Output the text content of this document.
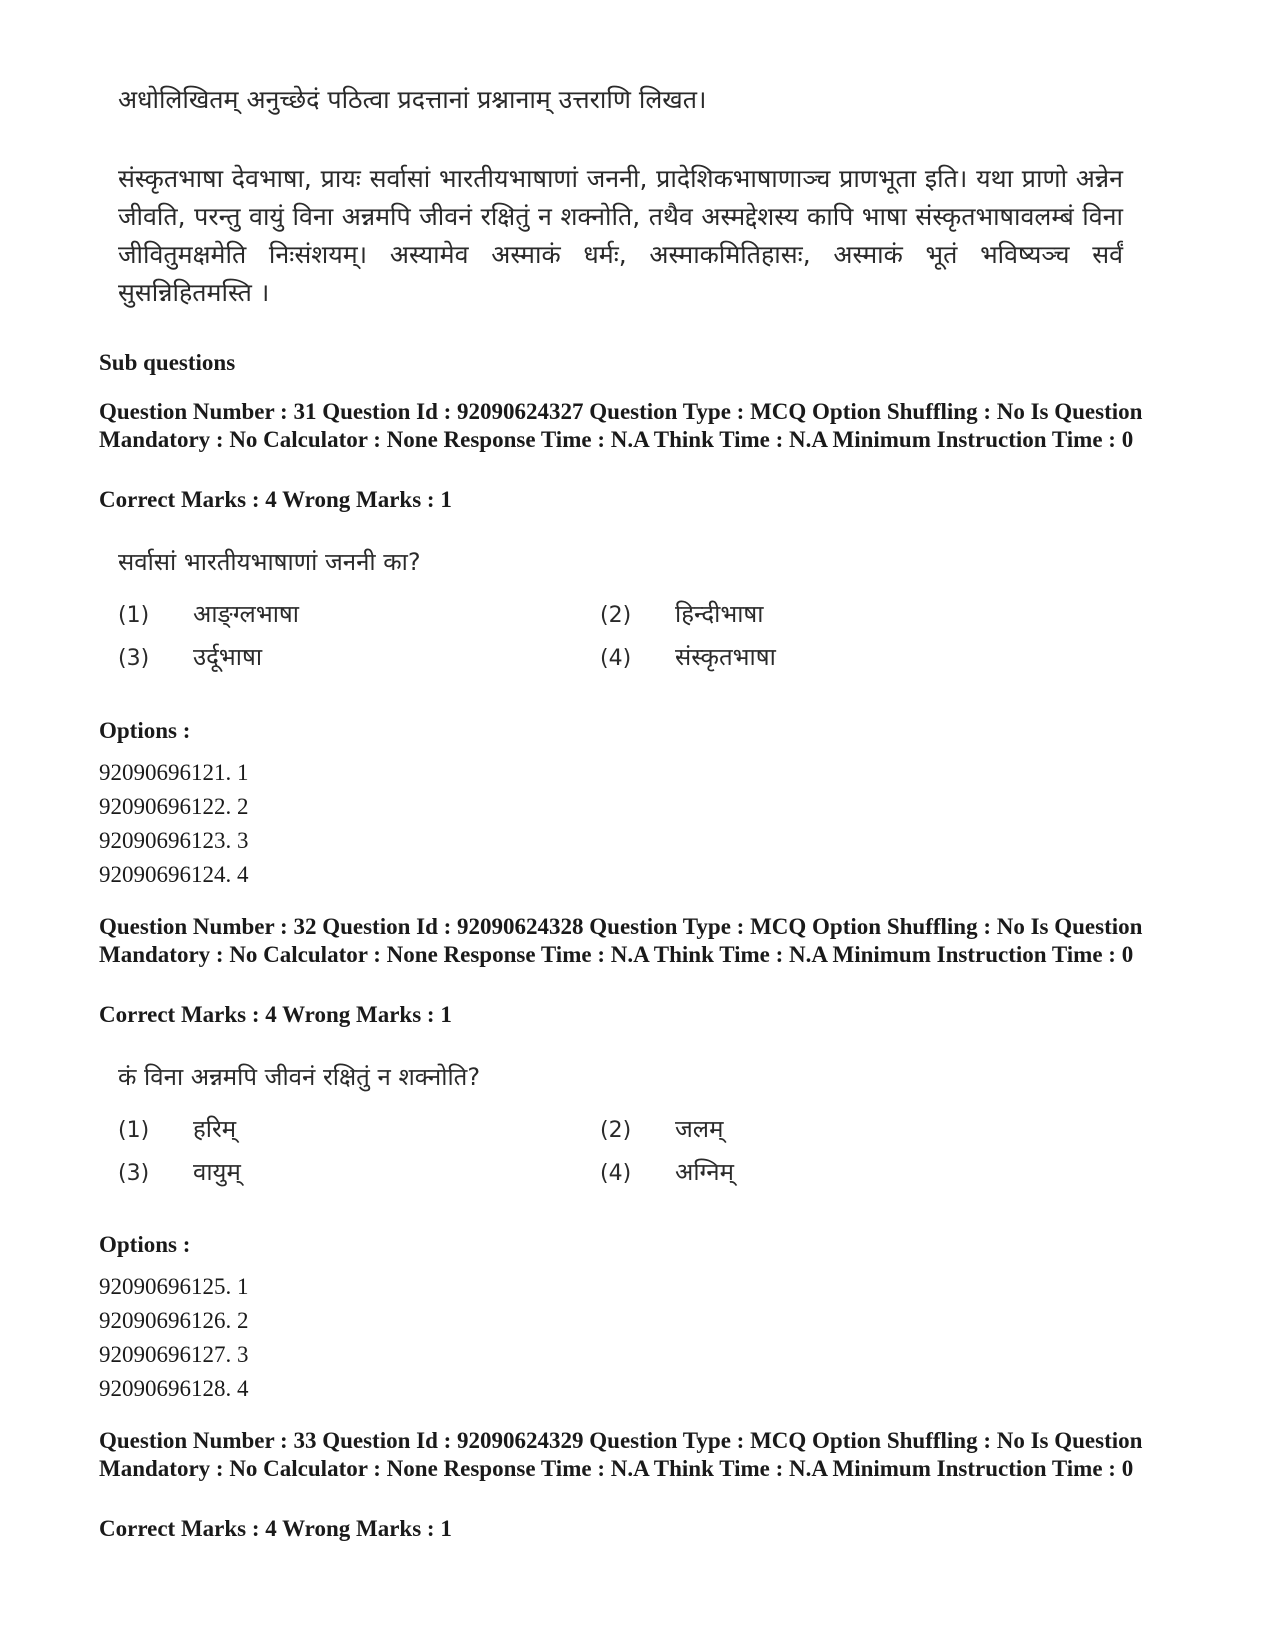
अधोलिखितम् अनुच्छेदं पठित्वा प्रदत्तानां प्रश्नानाम् उत्तराणि लिखत।
संस्कृतभाषा देवभाषा, प्रायः सर्वासां भारतीयभाषाणां जननी, प्रादेशिकभाषाणाञ्च प्राणभूता इति। यथा प्राणो अन्नेन जीवति, परन्तु वायुं विना अन्नमपि जीवनं रक्षितुं न शक्नोति, तथैव अस्मद्देशस्य कापि भाषा संस्कृतभाषावलम्बं विना जीवितुमक्षमेति निःसंशयम्। अस्यामेव अस्माकं धर्मः, अस्माकमितिहासः, अस्माकं भूतं भविष्यञ्च सर्वं सुसन्निहितमस्ति ।
Sub questions
Question Number : 31 Question Id : 92090624327 Question Type : MCQ Option Shuffling : No Is Question Mandatory : No Calculator : None Response Time : N.A Think Time : N.A Minimum Instruction Time : 0
Correct Marks : 4 Wrong Marks : 1
सर्वासां भारतीयभाषाणां जननी का?
(1) आङ्ग्लभाषा	(2) हिन्दीभाषा
(3) उर्दूभाषा	(4) संस्कृतभाषा
Options :
92090696121. 1
92090696122. 2
92090696123. 3
92090696124. 4
Question Number : 32 Question Id : 92090624328 Question Type : MCQ Option Shuffling : No Is Question Mandatory : No Calculator : None Response Time : N.A Think Time : N.A Minimum Instruction Time : 0
Correct Marks : 4 Wrong Marks : 1
कं विना अन्नमपि जीवनं रक्षितुं न शक्नोति?
(1) हरिम्	(2) जलम्
(3) वायुम्	(4) अग्निम्
Options :
92090696125. 1
92090696126. 2
92090696127. 3
92090696128. 4
Question Number : 33 Question Id : 92090624329 Question Type : MCQ Option Shuffling : No Is Question Mandatory : No Calculator : None Response Time : N.A Think Time : N.A Minimum Instruction Time : 0
Correct Marks : 4 Wrong Marks : 1
